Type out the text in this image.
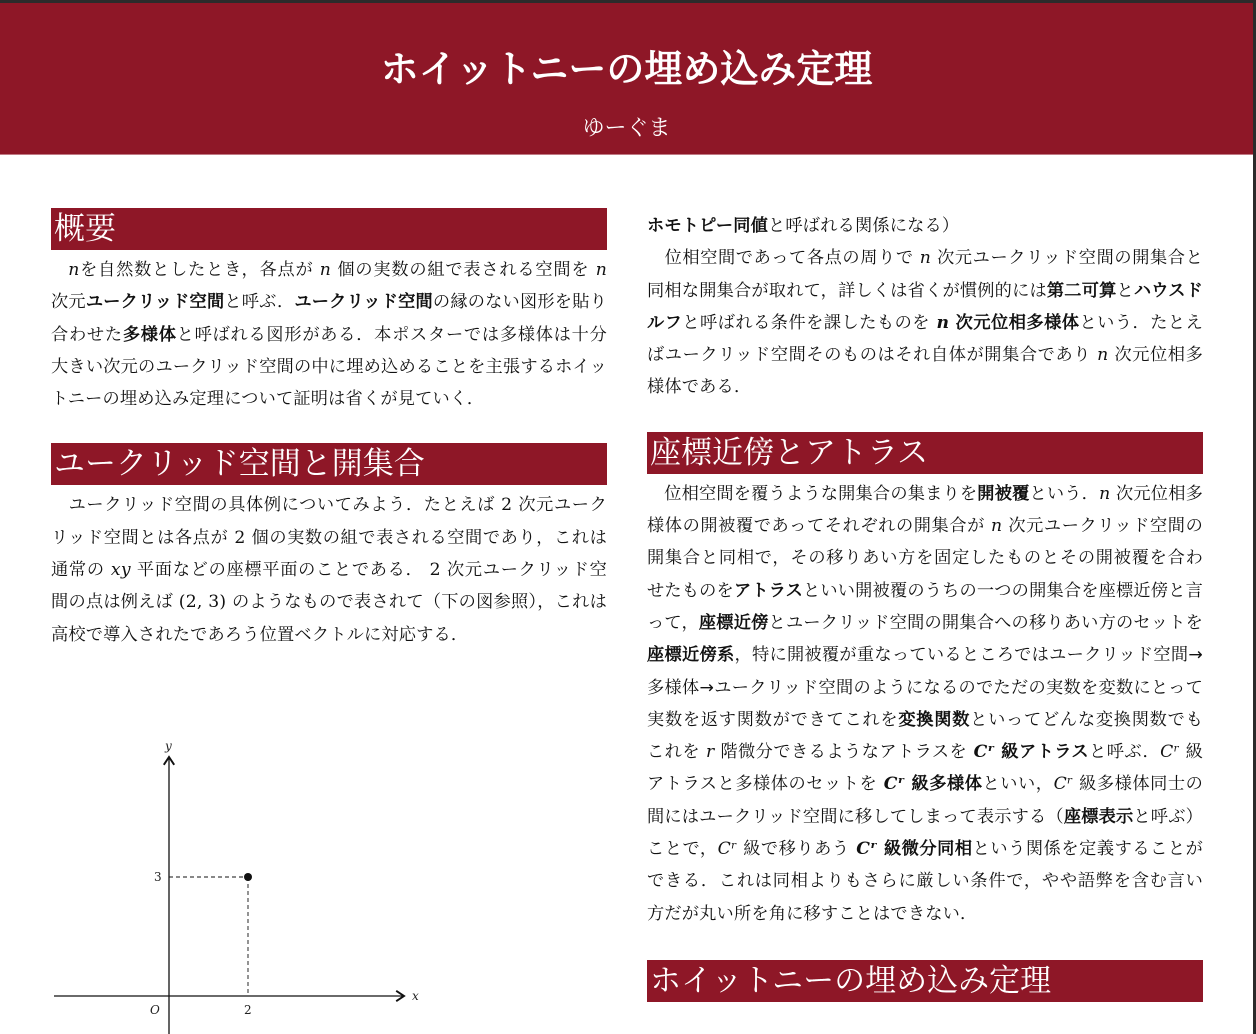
ホイットニーの埋め込み定理
ゆーぐま
概要

nを自然数としたとき，各点が n 個の実数の組で表される空間を n 次元ユークリッド空間と呼ぶ．ユークリッド空間の縁のない図形を貼り合わせた多様体と呼ばれる図形がある．本ポスターでは多様体は十分大きい次元のユークリッド空間の中に埋め込めることを主張するホイットニーの埋め込み定理について証明は省くが見ていく．

ユークリッド空間と開集合

ユークリッド空間の具体例についてみよう．たとえば 2 次元ユークリッド空間とは各点が 2 個の実数の組で表される空間であり，これは通常の xy 平面などの座標平面のことである． 2 次元ユークリッド空間の点は例えば (2, 3) のようなもので表されて（下の図参照），これは高校で導入されたであろう位置ベクトルに対応する．

y
x
O	2
3

ホモトピー同値と呼ばれる関係になる）

位相空間であって各点の周りで n 次元ユークリッド空間の開集合と同相な開集合が取れて，詳しくは省くが慣例的には第二可算とハウスドルフと呼ばれる条件を課したものを n 次元位相多様体という．たとえばユークリッド空間そのものはそれ自体が開集合であり n 次元位相多様体である．

座標近傍とアトラス

位相空間を覆うような開集合の集まりを開被覆という．n 次元位相多様体の開被覆であってそれぞれの開集合が n 次元ユークリッド空間の開集合と同相で，その移りあい方を固定したものとその開被覆を合わせたものをアトラスといい開被覆のうちの一つの開集合を座標近傍と言って，座標近傍とユークリッド空間の開集合への移りあい方のセットを座標近傍系，特に開被覆が重なっているところではユークリッド空間→多様体→ユークリッド空間のようになるのでただの実数を変数にとって実数を返す関数ができてこれを変換関数といってどんな変換関数でもこれを r 階微分できるようなアトラスを Cʳ 級アトラスと呼ぶ．Cʳ 級アトラスと多様体のセットを Cʳ 級多様体といい，Cʳ 級多様体同士の間にはユークリッド空間に移してしまって表示する（座標表示と呼ぶ）ことで，Cʳ 級で移りあう Cʳ 級微分同相という関係を定義することができる．これは同相よりもさらに厳しい条件で，やや語弊を含む言い方だが丸い所を角に移すことはできない．

ホイットニーの埋め込み定理
